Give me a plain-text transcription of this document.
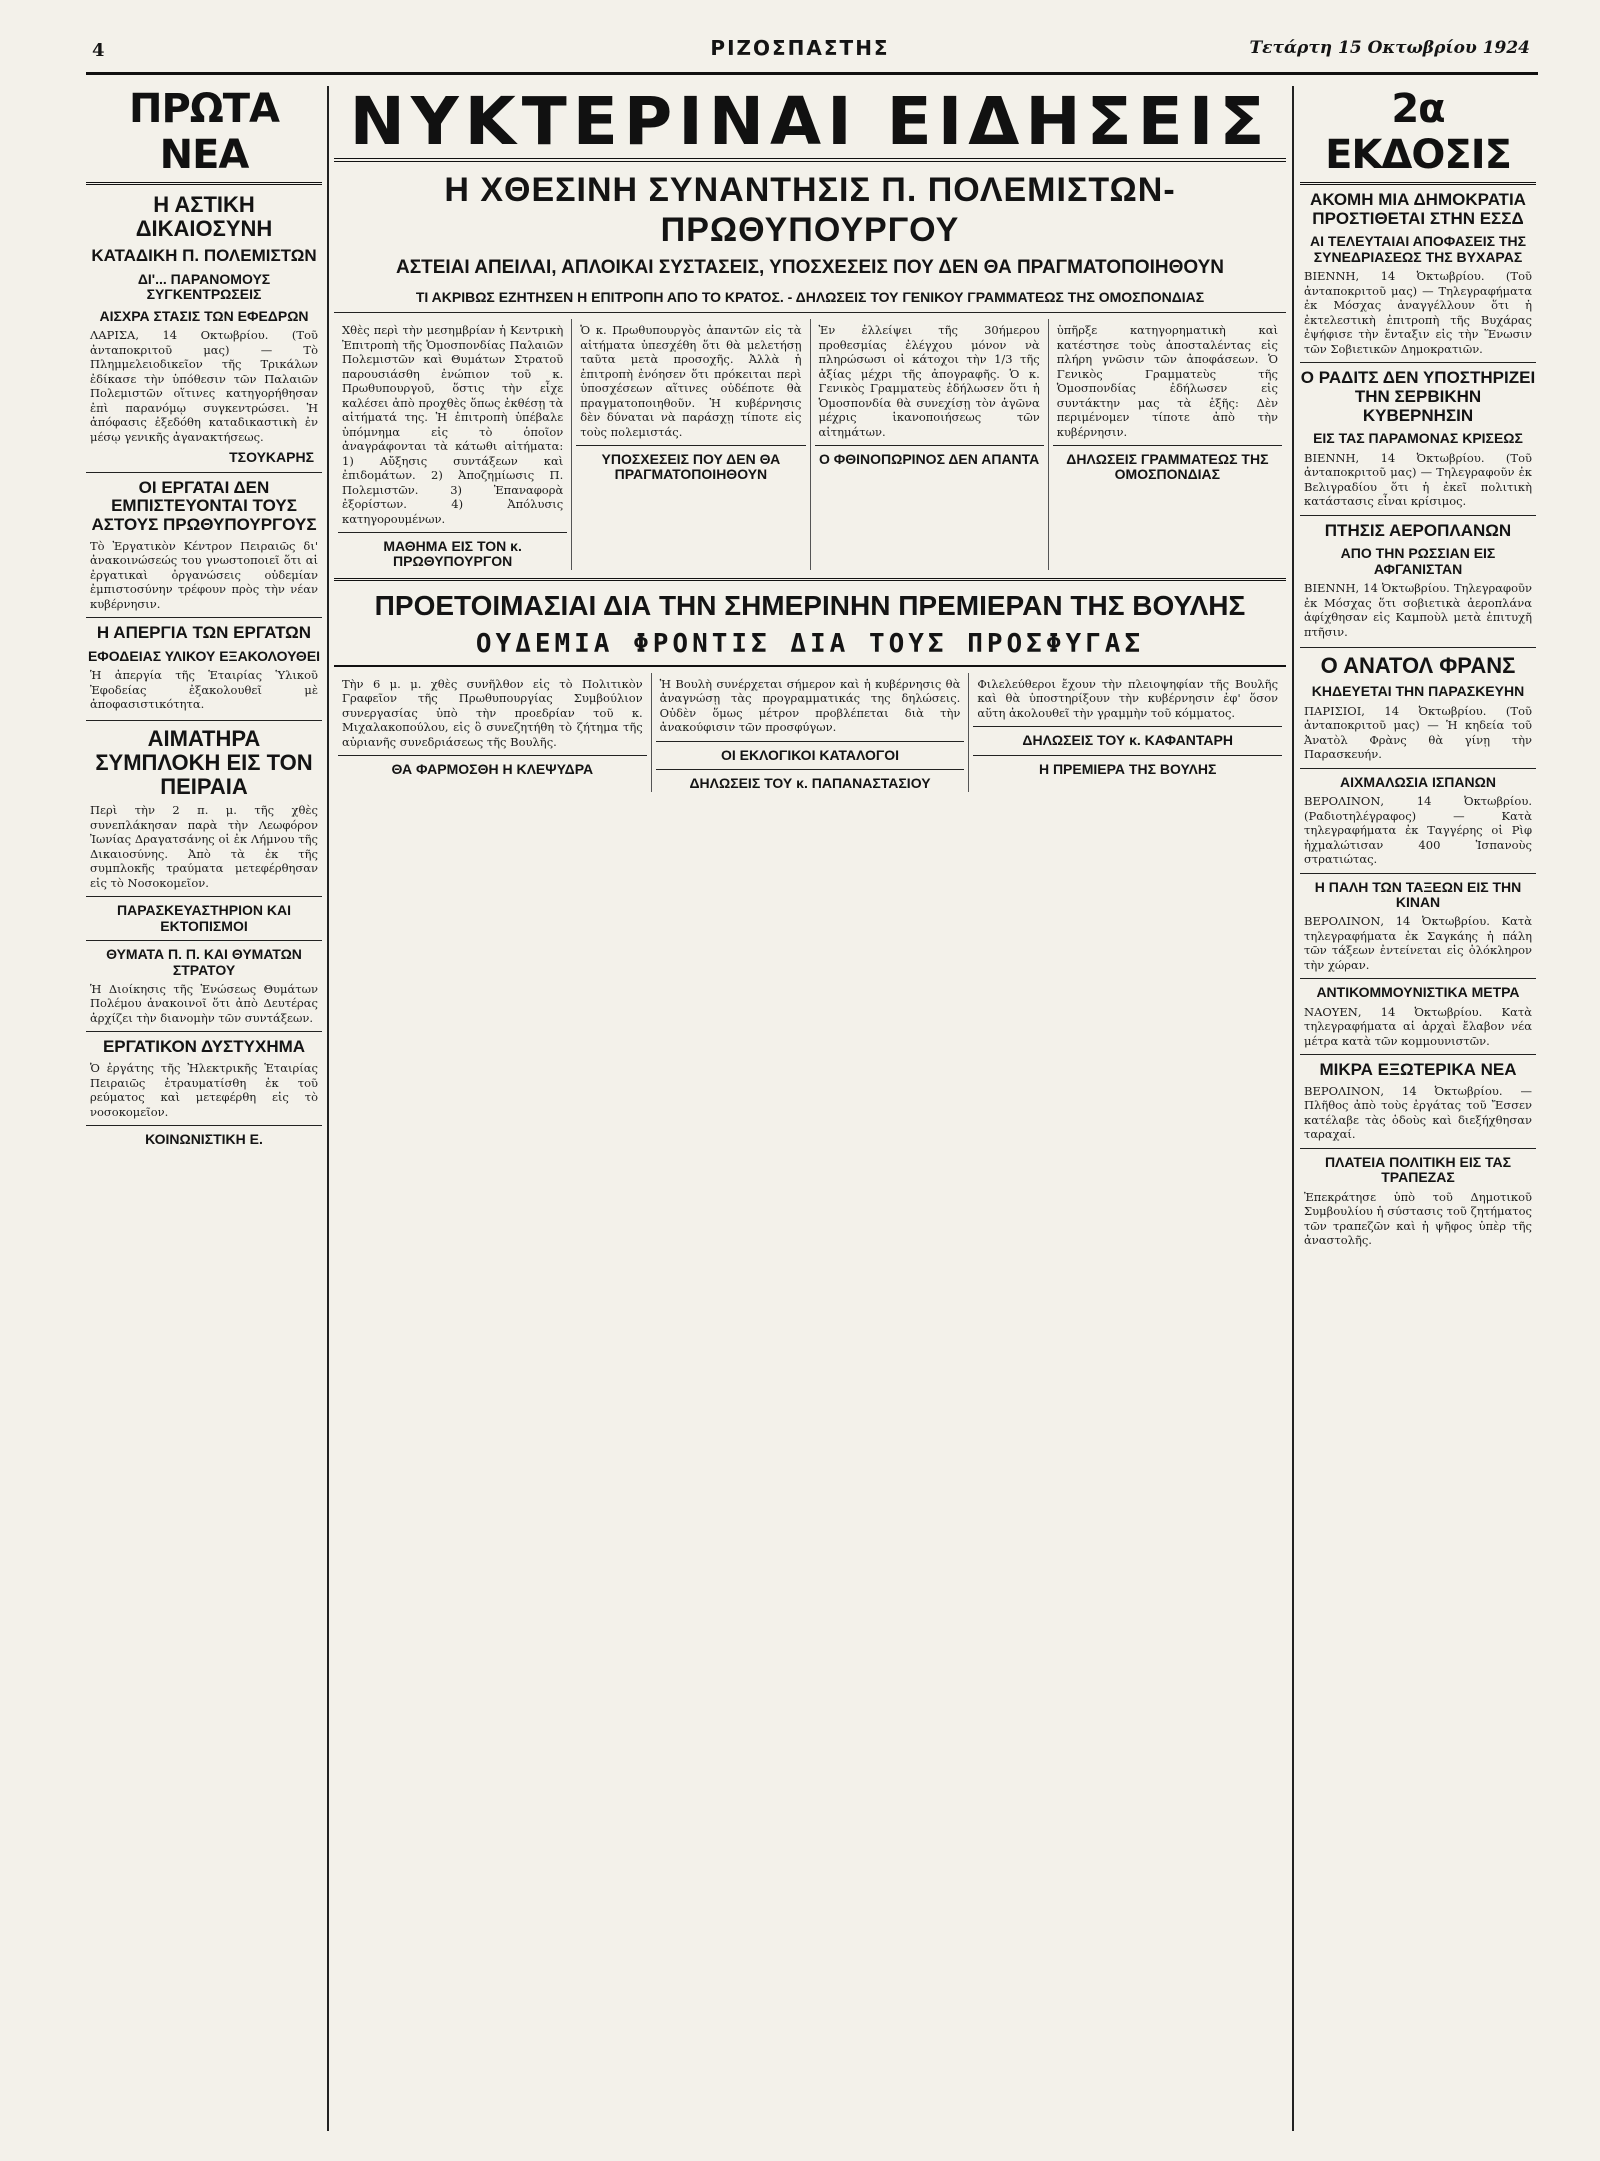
4	ΡΙΖΟΣΠΑΣΤΗΣ	Τετάρτη 15 Οκτωβρίου 1924
ΠΡΩΤΑ ΝΕΑ
Η ΑΣΤΙΚΗ ΔΙΚΑΙΟΣΥΝΗ
ΚΑΤΑΔΙΚΗ Π. ΠΟΛΕΜΙΣΤΩΝ
ΔΙ'... ΠΑΡΑΝΟΜΟΥΣ ΣΥΓΚΕΝΤΡΩΣΕΙΣ
ΑΙΣΧΡΑ ΣΤΑΣΙΣ ΤΩΝ ΕΦΕΔΡΩΝ
ΛΑΡΙΣΑ, 14 Οκτωβρίου. (Τοῦ ἀνταποκριτοῦ μας) — Τὸ Πλημμελειοδικεῖον τῆς Τρικάλων ἐδίκασε τὴν ὑπόθεσιν τῶν Παλαιῶν Πολεμιστῶν οἵτινες κατηγορήθησαν ἐπὶ παρανόμῳ συγκεντρώσει. Ἡ ἀπόφασις ἐξεδόθη καταδικαστικὴ ἐν μέσῳ γενικῆς ἀγανακτήσεως.
ΤΣΟΥΚΑΡΗΣ
ΟΙ ΕΡΓΑΤΑΙ ΔΕΝ ΕΜΠΙΣΤΕΥΟΝΤΑΙ ΤΟΥΣ ΑΣΤΟΥΣ ΠΡΩΘΥΠΟΥΡΓΟΥΣ
Τὸ Ἐργατικὸν Κέντρον Πειραιῶς δι' ἀνακοινώσεώς του γνωστοποιεῖ ὅτι αἱ ἐργατικαὶ ὀργανώσεις οὐδεμίαν ἐμπιστοσύνην τρέφουν πρὸς τὴν νέαν κυβέρνησιν.
Η ΑΠΕΡΓΙΑ ΤΩΝ ΕΡΓΑΤΩΝ
ΕΦΟΔΕΙΑΣ ΥΛΙΚΟΥ ΕΞΑΚΟΛΟΥΘΕΙ
Ἡ ἀπεργία τῆς Ἑταιρίας Ὑλικοῦ Ἐφοδείας ἐξακολουθεῖ μὲ ἀποφασιστικότητα.
ΑΙΜΑΤΗΡΑ ΣΥΜΠΛΟΚΗ ΕΙΣ ΤΟΝ ΠΕΙΡΑΙΑ
Περὶ τὴν 2 π. μ. τῆς χθὲς συνεπλάκησαν παρὰ τὴν Λεωφόρον Ἰωνίας Δραγατσάνης οἱ ἐκ Λήμνου τῆς Δικαιοσύνης. Ἀπὸ τὰ ἐκ τῆς συμπλοκῆς τραύματα μετεφέρθησαν εἰς τὸ Νοσοκομεῖον.
ΠΑΡΑΣΚΕΥΑΣΤΗΡΙΟΝ ΚΑΙ ΕΚΤΟΠΙΣΜΟΙ
ΘΥΜΑΤΑ Π. Π. ΚΑΙ ΘΥΜΑΤΩΝ ΣΤΡΑΤΟΥ
Ἡ Διοίκησις τῆς Ἑνώσεως Θυμάτων Πολέμου ἀνακοινοῖ ὅτι ἀπὸ Δευτέρας ἀρχίζει τὴν διανομὴν τῶν συντάξεων.
ΕΡΓΑΤΙΚΟΝ ΔΥΣΤΥΧΗΜΑ
Ὁ ἐργάτης τῆς Ἠλεκτρικῆς Ἑταιρίας Πειραιῶς ἐτραυματίσθη ἐκ τοῦ ρεύματος καὶ μετεφέρθη εἰς τὸ νοσοκομεῖον.
ΚΟΙΝΩΝΙΣΤΙΚΗ Ε.
ΝΥΚΤΕΡΙΝΑΙ ΕΙΔΗΣΕΙΣ
Η ΧΘΕΣΙΝΗ ΣΥΝΑΝΤΗΣΙΣ Π. ΠΟΛΕΜΙΣΤΩΝ-ΠΡΩΘΥΠΟΥΡΓΟΥ
ΑΣΤΕΙΑΙ ΑΠΕΙΛΑΙ, ΑΠΛΟΙΚΑΙ ΣΥΣΤΑΣΕΙΣ, ΥΠΟΣΧΕΣΕΙΣ ΠΟΥ ΔΕΝ ΘΑ ΠΡΑΓΜΑΤΟΠΟΙΗΘΟΥΝ
ΤΙ ΑΚΡΙΒΩΣ ΕΖΗΤΗΣΕΝ Η ΕΠΙΤΡΟΠΗ ΑΠΟ ΤΟ ΚΡΑΤΟΣ. - ΔΗΛΩΣΕΙΣ ΤΟΥ ΓΕΝΙΚΟΥ ΓΡΑΜΜΑΤΕΩΣ ΤΗΣ ΟΜΟΣΠΟΝΔΙΑΣ
Χθὲς περὶ τὴν μεσημβρίαν ἡ Κεντρικὴ Ἐπιτροπὴ τῆς Ὁμοσπονδίας Παλαιῶν Πολεμιστῶν καὶ Θυμάτων Στρατοῦ παρουσιάσθη ἐνώπιον τοῦ κ. Πρωθυπουργοῦ, ὅστις τὴν εἶχε καλέσει ἀπὸ προχθὲς ὅπως ἐκθέσῃ τὰ αἰτήματά της. Ἡ ἐπιτροπὴ ὑπέβαλε ὑπόμνημα εἰς τὸ ὁποῖον ἀναγράφονται τὰ κάτωθι αἰτήματα: 1) Αὔξησις συντάξεων καὶ ἐπιδομάτων. 2) Ἀποζημίωσις Π. Πολεμιστῶν. 3) Ἐπαναφορὰ ἐξορίστων. 4) Ἀπόλυσις κατηγορουμένων.
ΜΑΘΗΜΑ ΕΙΣ ΤΟΝ κ. ΠΡΩΘΥΠΟΥΡΓΟΝ
Ὁ κ. Πρωθυπουργὸς ἀπαντῶν εἰς τὰ αἰτήματα ὑπεσχέθη ὅτι θὰ μελετήσῃ ταῦτα μετὰ προσοχῆς. Ἀλλὰ ἡ ἐπιτροπὴ ἐνόησεν ὅτι πρόκειται περὶ ὑποσχέσεων αἵτινες οὐδέποτε θὰ πραγματοποιηθοῦν. Ἡ κυβέρνησις δὲν δύναται νὰ παράσχῃ τίποτε εἰς τοὺς πολεμιστάς.
ΥΠΟΣΧΕΣΕΙΣ ΠΟΥ ΔΕΝ ΘΑ ΠΡΑΓΜΑΤΟΠΟΙΗΘΟΥΝ
Ἐν ἐλλείψει τῆς 30ήμερου προθεσμίας ἐλέγχου μόνον νὰ πληρώσωσι οἱ κάτοχοι τὴν 1/3 τῆς ἀξίας μέχρι τῆς ἀπογραφῆς. Ὁ κ. Γενικὸς Γραμματεὺς ἐδήλωσεν ὅτι ἡ Ὁμοσπονδία θὰ συνεχίσῃ τὸν ἀγῶνα μέχρις ἱκανοποιήσεως τῶν αἰτημάτων.
Ο ΦΘΙΝΟΠΩΡΙΝΟΣ ΔΕΝ ΑΠΑΝΤΑ
ὑπῆρξε κατηγορηματικὴ καὶ κατέστησε τοὺς ἀποσταλέντας εἰς πλήρη γνῶσιν τῶν ἀποφάσεων. Ὁ Γενικὸς Γραμματεὺς τῆς Ὁμοσπονδίας ἐδήλωσεν εἰς συντάκτην μας τὰ ἑξῆς: Δὲν περιμένομεν τίποτε ἀπὸ τὴν κυβέρνησιν.
ΔΗΛΩΣΕΙΣ ΓΡΑΜΜΑΤΕΩΣ ΤΗΣ ΟΜΟΣΠΟΝΔΙΑΣ
ΠΡΟΕΤΟΙΜΑΣΙΑΙ ΔΙΑ ΤΗΝ ΣΗΜΕΡΙΝΗΝ ΠΡΕΜΙΕΡΑΝ ΤΗΣ ΒΟΥΛΗΣ
ΟΥΔΕΜΙΑ ΦΡΟΝΤΙΣ ΔΙΑ ΤΟΥΣ ΠΡΟΣΦΥΓΑΣ
Τὴν 6 μ. μ. χθὲς συνῆλθον εἰς τὸ Πολιτικὸν Γραφεῖον τῆς Πρωθυπουργίας Συμβούλιον συνεργασίας ὑπὸ τὴν προεδρίαν τοῦ κ. Μιχαλακοπούλου, εἰς ὃ συνεζητήθη τὸ ζήτημα τῆς αὐριανῆς συνεδριάσεως τῆς Βουλῆς.
ΘΑ ΦΑΡΜΟΣΘΗ Η ΚΛΕΨΥΔΡΑ
Ἡ Βουλὴ συνέρχεται σήμερον καὶ ἡ κυβέρνησις θὰ ἀναγνώσῃ τὰς προγραμματικάς της δηλώσεις. Οὐδὲν ὅμως μέτρον προβλέπεται διὰ τὴν ἀνακούφισιν τῶν προσφύγων.
ΟΙ ΕΚΛΟΓΙΚΟΙ ΚΑΤΑΛΟΓΟΙ
ΔΗΛΩΣΕΙΣ ΤΟΥ κ. ΠΑΠΑΝΑΣΤΑΣΙΟΥ
Φιλελεύθεροι ἔχουν τὴν πλειοψηφίαν τῆς Βουλῆς καὶ θὰ ὑποστηρίξουν τὴν κυβέρνησιν ἐφ' ὅσον αὕτη ἀκολουθεῖ τὴν γραμμὴν τοῦ κόμματος.
ΔΗΛΩΣΕΙΣ ΤΟΥ κ. ΚΑΦΑΝΤΑΡΗ
Η ΠΡΕΜΙΕΡΑ ΤΗΣ ΒΟΥΛΗΣ
2α ΕΚΔΟΣΙΣ
ΑΚΟΜΗ ΜΙΑ ΔΗΜΟΚΡΑΤΙΑ ΠΡΟΣΤΙΘΕΤΑΙ ΣΤΗΝ ΕΣΣΔ
ΑΙ ΤΕΛΕΥΤΑΙΑΙ ΑΠΟΦΑΣΕΙΣ ΤΗΣ ΣΥΝΕΔΡΙΑΣΕΩΣ ΤΗΣ ΒΥΧΑΡΑΣ
ΒΙΕΝΝΗ, 14 Ὀκτωβρίου. (Τοῦ ἀνταποκριτοῦ μας) — Τηλεγραφήματα ἐκ Μόσχας ἀναγγέλλουν ὅτι ἡ ἐκτελεστικὴ ἐπιτροπὴ τῆς Βυχάρας ἐψήφισε τὴν ἔνταξιν εἰς τὴν Ἕνωσιν τῶν Σοβιετικῶν Δημοκρατιῶν.
Ο ΡΑΔΙΤΣ ΔΕΝ ΥΠΟΣΤΗΡΙΖΕΙ ΤΗΝ ΣΕΡΒΙΚΗΝ ΚΥΒΕΡΝΗΣΙΝ
ΕΙΣ ΤΑΣ ΠΑΡΑΜΟΝΑΣ ΚΡΙΣΕΩΣ
ΒΙΕΝΝΗ, 14 Ὀκτωβρίου. (Τοῦ ἀνταποκριτοῦ μας) — Τηλεγραφοῦν ἐκ Βελιγραδίου ὅτι ἡ ἐκεῖ πολιτικὴ κατάστασις εἶναι κρίσιμος.
ΠΤΗΣΙΣ ΑΕΡΟΠΛΑΝΩΝ
ΑΠΟ ΤΗΝ ΡΩΣΣΙΑΝ ΕΙΣ ΑΦΓΑΝΙΣΤΑΝ
ΒΙΕΝΝΗ, 14 Ὀκτωβρίου. Τηλεγραφοῦν ἐκ Μόσχας ὅτι σοβιετικὰ ἀεροπλάνα ἀφίχθησαν εἰς Καμποὺλ μετὰ ἐπιτυχῆ πτῆσιν.
Ο ΑΝΑΤΟΛ ΦΡΑΝΣ
ΚΗΔΕΥΕΤΑΙ ΤΗΝ ΠΑΡΑΣΚΕΥΗΝ
ΠΑΡΙΣΙΟΙ, 14 Ὀκτωβρίου. (Τοῦ ἀνταποκριτοῦ μας) — Ἡ κηδεία τοῦ Ἀνατὸλ Φρὰνς θὰ γίνῃ τὴν Παρασκευήν.
ΑΙΧΜΑΛΩΣΙΑ ΙΣΠΑΝΩΝ
ΒΕΡΟΛΙΝΟΝ, 14 Ὀκτωβρίου. (Ραδιοτηλέγραφος) — Κατὰ τηλεγραφήματα ἐκ Ταγγέρης οἱ Ρὶφ ἠχμαλώτισαν 400 Ἱσπανοὺς στρατιώτας.
Η ΠΑΛΗ ΤΩΝ ΤΑΞΕΩΝ ΕΙΣ ΤΗΝ ΚΙΝΑΝ
ΒΕΡΟΛΙΝΟΝ, 14 Ὀκτωβρίου. Κατὰ τηλεγραφήματα ἐκ Σαγκάης ἡ πάλη τῶν τάξεων ἐντείνεται εἰς ὁλόκληρον τὴν χώραν.
ΑΝΤΙΚΟΜΜΟΥΝΙΣΤΙΚΑ ΜΕΤΡΑ
ΝΑΟΥΕΝ, 14 Ὀκτωβρίου. Κατὰ τηλεγραφήματα αἱ ἀρχαὶ ἔλαβον νέα μέτρα κατὰ τῶν κομμουνιστῶν.
ΜΙΚΡΑ ΕΞΩΤΕΡΙΚΑ ΝΕΑ
ΒΕΡΟΛΙΝΟΝ, 14 Ὀκτωβρίου. — Πλῆθος ἀπὸ τοὺς ἐργάτας τοῦ Ἔσσεν κατέλαβε τὰς ὁδοὺς καὶ διεξήχθησαν ταραχαί.
ΠΛΑΤΕΙΑ ΠΟΛΙΤΙΚΗ ΕΙΣ ΤΑΣ ΤΡΑΠΕΖΑΣ
Ἐπεκράτησε ὑπὸ τοῦ Δημοτικοῦ Συμβουλίου ἡ σύστασις τοῦ ζητήματος τῶν τραπεζῶν καὶ ἡ ψῆφος ὑπὲρ τῆς ἀναστολῆς.
